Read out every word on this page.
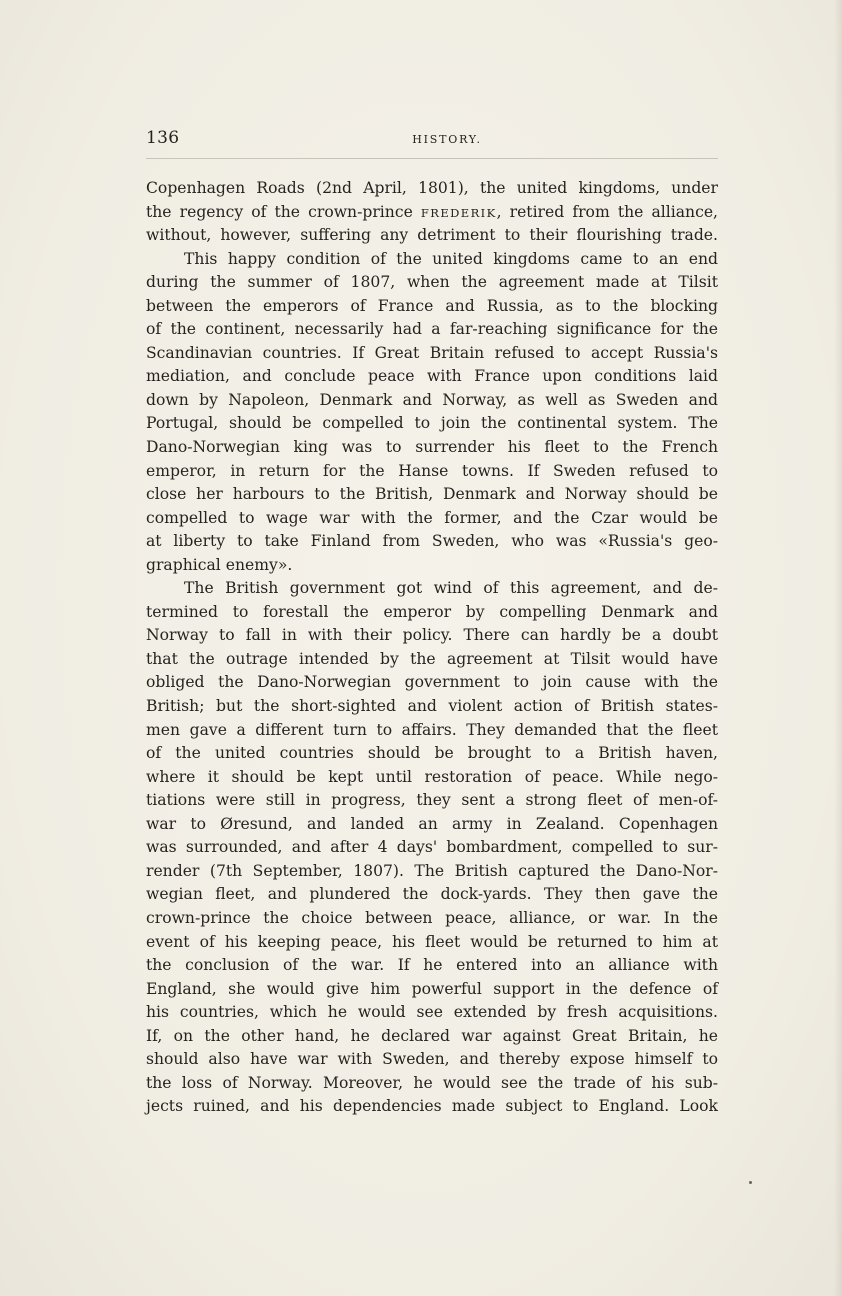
136	HISTORY.
Copenhagen Roads (2nd April, 1801), the united kingdoms, under
the regency of the crown-prince FREDERIK, retired from the alliance,
without, however, suffering any detriment to their flourishing trade.
This happy condition of the united kingdoms came to an end
during the summer of 1807, when the agreement made at Tilsit
between the emperors of France and Russia, as to the blocking
of the continent, necessarily had a far-reaching significance for the
Scandinavian countries. If Great Britain refused to accept Russia's
mediation, and conclude peace with France upon conditions laid
down by Napoleon, Denmark and Norway, as well as Sweden and
Portugal, should be compelled to join the continental system. The
Dano-Norwegian king was to surrender his fleet to the French
emperor, in return for the Hanse towns. If Sweden refused to
close her harbours to the British, Denmark and Norway should be
compelled to wage war with the former, and the Czar would be
at liberty to take Finland from Sweden, who was «Russia's geo-
graphical enemy».
The British government got wind of this agreement, and de-
termined to forestall the emperor by compelling Denmark and
Norway to fall in with their policy. There can hardly be a doubt
that the outrage intended by the agreement at Tilsit would have
obliged the Dano-Norwegian government to join cause with the
British; but the short-sighted and violent action of British states-
men gave a different turn to affairs. They demanded that the fleet
of the united countries should be brought to a British haven,
where it should be kept until restoration of peace. While nego-
tiations were still in progress, they sent a strong fleet of men-of-
war to Øresund, and landed an army in Zealand. Copenhagen
was surrounded, and after 4 days' bombardment, compelled to sur-
render (7th September, 1807). The British captured the Dano-Nor-
wegian fleet, and plundered the dock-yards. They then gave the
crown-prince the choice between peace, alliance, or war. In the
event of his keeping peace, his fleet would be returned to him at
the conclusion of the war. If he entered into an alliance with
England, she would give him powerful support in the defence of
his countries, which he would see extended by fresh acquisitions.
If, on the other hand, he declared war against Great Britain, he
should also have war with Sweden, and thereby expose himself to
the loss of Norway. Moreover, he would see the trade of his sub-
jects ruined, and his dependencies made subject to England. Look
